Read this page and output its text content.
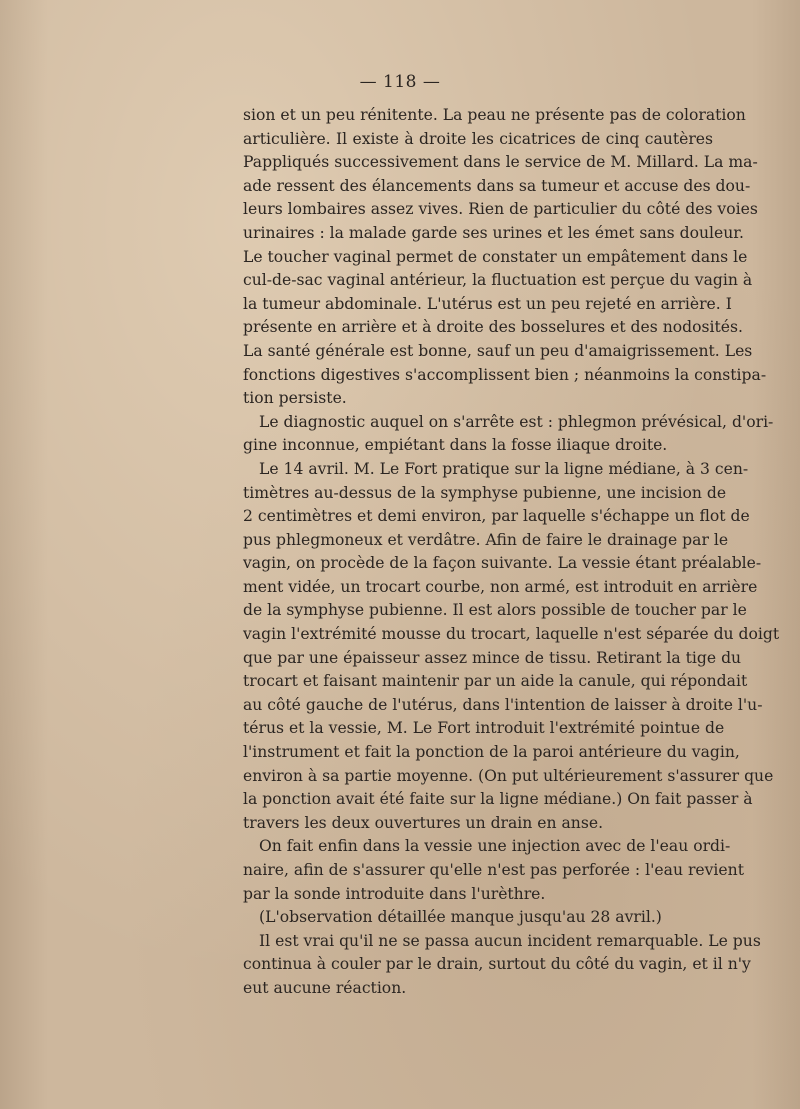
— 118 —
sion et un peu rénitente. La peau ne présente pas de coloration
articulière. Il existe à droite les cicatrices de cinq cautères
Pappliqués successivement dans le service de M. Millard. La ma-
ade ressent des élancements dans sa tumeur et accuse des dou-
leurs lombaires assez vives. Rien de particulier du côté des voies
urinaires : la malade garde ses urines et les émet sans douleur.
Le toucher vaginal permet de constater un empâtement dans le
cul-de-sac vaginal antérieur, la fluctuation est perçue du vagin à
la tumeur abdominale. L'utérus est un peu rejeté en arrière. I
présente en arrière et à droite des bosselures et des nodosités.
La santé générale est bonne, sauf un peu d'amaigrissement. Les
fonctions digestives s'accomplissent bien ; néanmoins la constipa-
tion persiste.
Le diagnostic auquel on s'arrête est : phlegmon prévésical, d'ori-
gine inconnue, empiétant dans la fosse iliaque droite.
Le 14 avril. M. Le Fort pratique sur la ligne médiane, à 3 cen-
timètres au-dessus de la symphyse pubienne, une incision de
2 centimètres et demi environ, par laquelle s'échappe un flot de
pus phlegmoneux et verdâtre. Afin de faire le drainage par le
vagin, on procède de la façon suivante. La vessie étant préalable-
ment vidée, un trocart courbe, non armé, est introduit en arrière
de la symphyse pubienne. Il est alors possible de toucher par le
vagin l'extrémité mousse du trocart, laquelle n'est séparée du doigt
que par une épaisseur assez mince de tissu. Retirant la tige du
trocart et faisant maintenir par un aide la canule, qui répondait
au côté gauche de l'utérus, dans l'intention de laisser à droite l'u-
térus et la vessie, M. Le Fort introduit l'extrémité pointue de
l'instrument et fait la ponction de la paroi antérieure du vagin,
environ à sa partie moyenne. (On put ultérieurement s'assurer que
la ponction avait été faite sur la ligne médiane.) On fait passer à
travers les deux ouvertures un drain en anse.
On fait enfin dans la vessie une injection avec de l'eau ordi-
naire, afin de s'assurer qu'elle n'est pas perforée : l'eau revient
par la sonde introduite dans l'urèthre.
(L'observation détaillée manque jusqu'au 28 avril.)
Il est vrai qu'il ne se passa aucun incident remarquable. Le pus
continua à couler par le drain, surtout du côté du vagin, et il n'y
eut aucune réaction.
